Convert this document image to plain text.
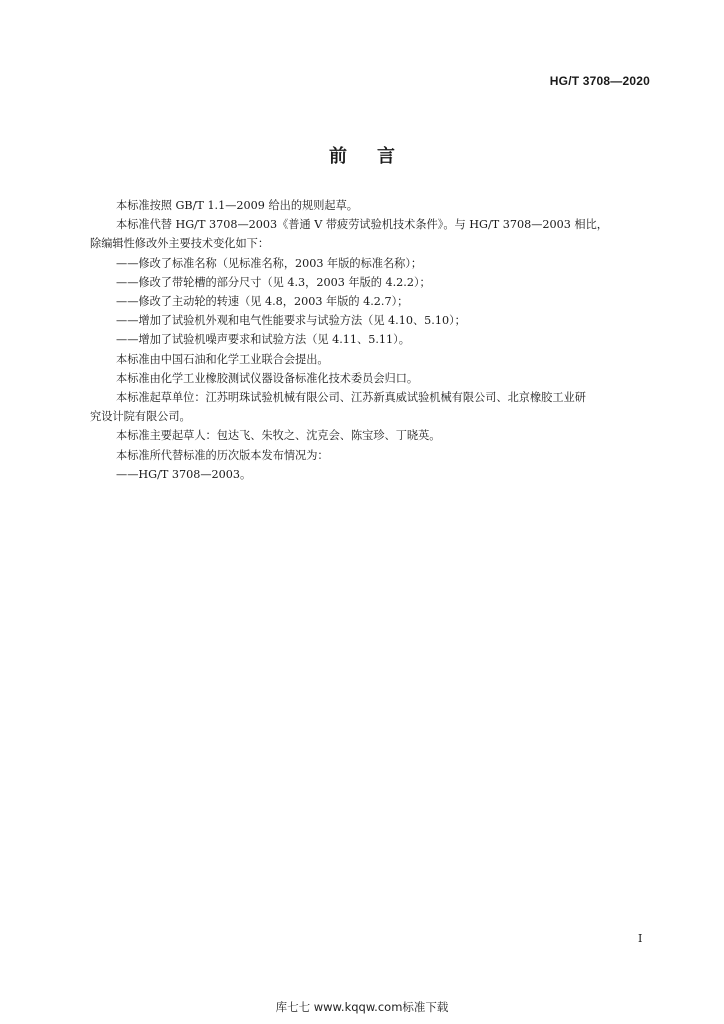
HG/T 3708—2020
前言

本标准按照 GB/T 1.1—2009 给出的规则起草。

本标准代替 HG/T 3708—2003《普通 V 带疲劳试验机技术条件》。与 HG/T 3708—2003 相比，

除编辑性修改外主要技术变化如下：

——修改了标准名称（见标准名称，2003 年版的标准名称）；

——修改了带轮槽的部分尺寸（见 4.3，2003 年版的 4.2.2）；

——修改了主动轮的转速（见 4.8，2003 年版的 4.2.7）；

——增加了试验机外观和电气性能要求与试验方法（见 4.10、5.10）；

——增加了试验机噪声要求和试验方法（见 4.11、5.11）。

本标准由中国石油和化学工业联合会提出。

本标准由化学工业橡胶测试仪器设备标准化技术委员会归口。

本标准起草单位：江苏明珠试验机械有限公司、江苏新真威试验机械有限公司、北京橡胶工业研

究设计院有限公司。

本标准主要起草人：包达飞、朱牧之、沈克会、陈宝珍、丁晓英。

本标准所代替标准的历次版本发布情况为：

——HG/T 3708—2003。

Ⅰ
库七七 www.kqqw.com标准下载
